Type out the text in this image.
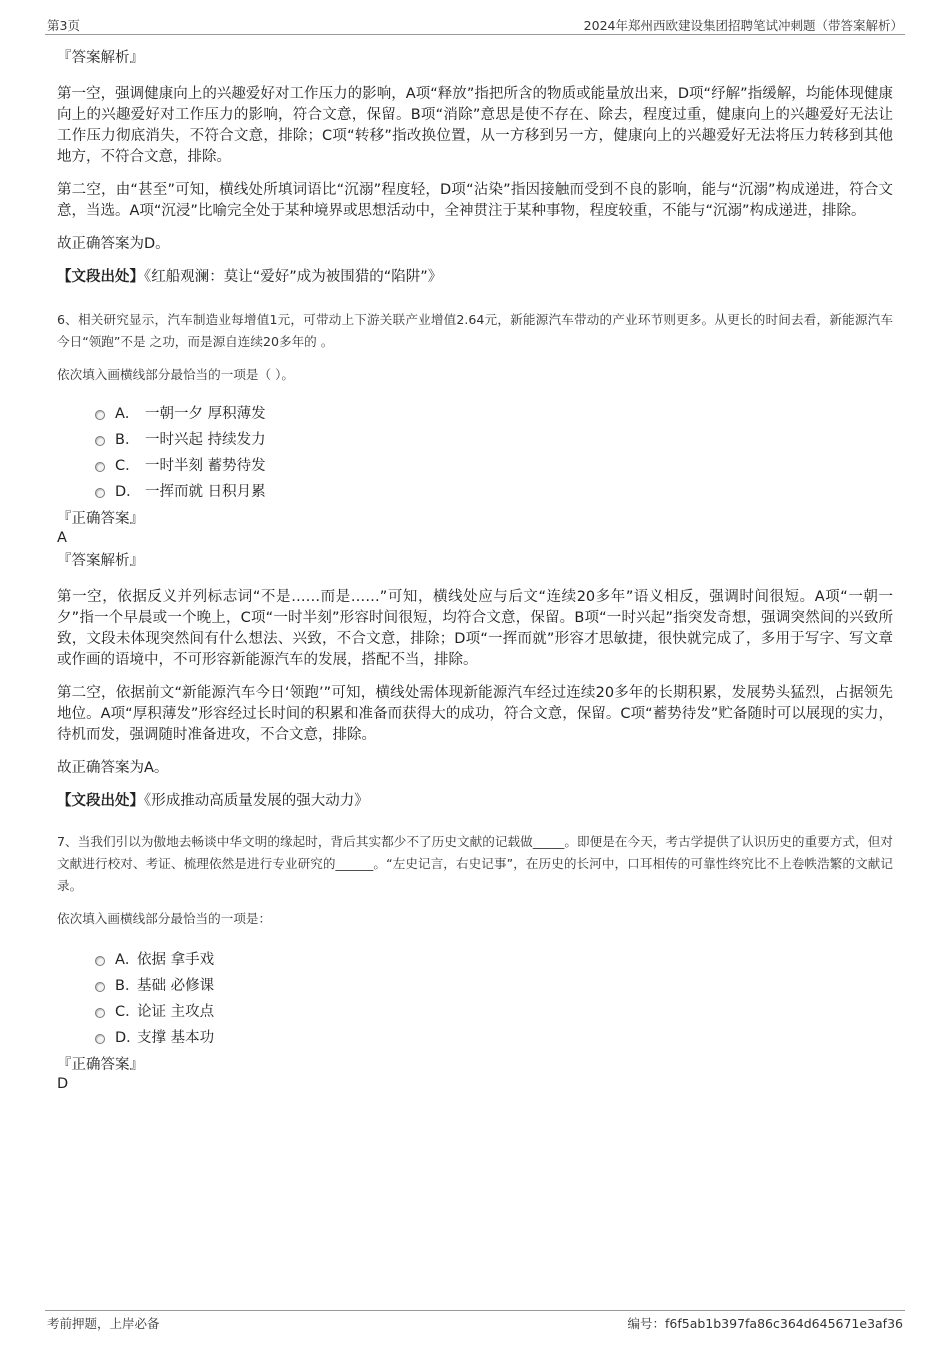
第3页	2024年郑州西欧建设集团招聘笔试冲刺题（带答案解析）
『答案解析』

第一空，强调健康向上的兴趣爱好对工作压力的影响，A项“释放”指把所含的物质或能量放出来，D项“纾解”指缓解，均能体现健康向上的兴趣爱好对工作压力的影响，符合文意，保留。B项“消除”意思是使不存在、除去，程度过重，健康向上的兴趣爱好无法让工作压力彻底消失，不符合文意，排除；C项“转移”指改换位置，从一方移到另一方，健康向上的兴趣爱好无法将压力转移到其他地方，不符合文意，排除。

第二空，由“甚至”可知，横线处所填词语比“沉溺”程度轻，D项“沾染”指因接触而受到不良的影响，能与“沉溺”构成递进，符合文意，当选。A项“沉浸”比喻完全处于某种境界或思想活动中，全神贯注于某种事物，程度较重，不能与“沉溺”构成递进，排除。

故正确答案为D。

【文段出处】《红船观澜：莫让“爱好”成为被围猎的“陷阱”》
6、相关研究显示，汽车制造业每增值1元，可带动上下游关联产业增值2.64元，新能源汽车带动的产业环节则更多。从更长的时间去看，新能源汽车今日“领跑”不是 之功，而是源自连续20多年的 。
依次填入画横线部分最恰当的一项是（ ）。
A． 一朝一夕 厚积薄发
B． 一时兴起 持续发力
C． 一时半刻 蓄势待发
D． 一挥而就 日积月累
『正确答案』
A
『答案解析』

第一空，依据反义并列标志词“不是……而是……”可知，横线处应与后文“连续20多年”语义相反，强调时间很短。A项“一朝一夕”指一个早晨或一个晚上，C项“一时半刻”形容时间很短，均符合文意，保留。B项“一时兴起”指突发奇想，强调突然间的兴致所致，文段未体现突然间有什么想法、兴致，不合文意，排除；D项“一挥而就”形容才思敏捷，很快就完成了，多用于写字、写文章或作画的语境中，不可形容新能源汽车的发展，搭配不当，排除。

第二空，依据前文“新能源汽车今日‘领跑’”可知，横线处需体现新能源汽车经过连续20多年的长期积累，发展势头猛烈，占据领先地位。A项“厚积薄发”形容经过长时间的积累和准备而获得大的成功，符合文意，保留。C项“蓄势待发”贮备随时可以展现的实力，待机而发，强调随时准备进攻，不合文意，排除。

故正确答案为A。

【文段出处】《形成推动高质量发展的强大动力》
7、当我们引以为傲地去畅谈中华文明的缘起时，背后其实都少不了历史文献的记载做_____。即便是在今天，考古学提供了认识历史的重要方式，但对文献进行校对、考证、梳理依然是进行专业研究的______。“左史记言，右史记事”，在历史的长河中，口耳相传的可靠性终究比不上卷帙浩繁的文献记录。
依次填入画横线部分最恰当的一项是：
A．依据 拿手戏
B．基础 必修课
C．论证 主攻点
D．支撑 基本功
『正确答案』
D
考前押题，上岸必备	编号：f6f5ab1b397fa86c364d645671e3af36
